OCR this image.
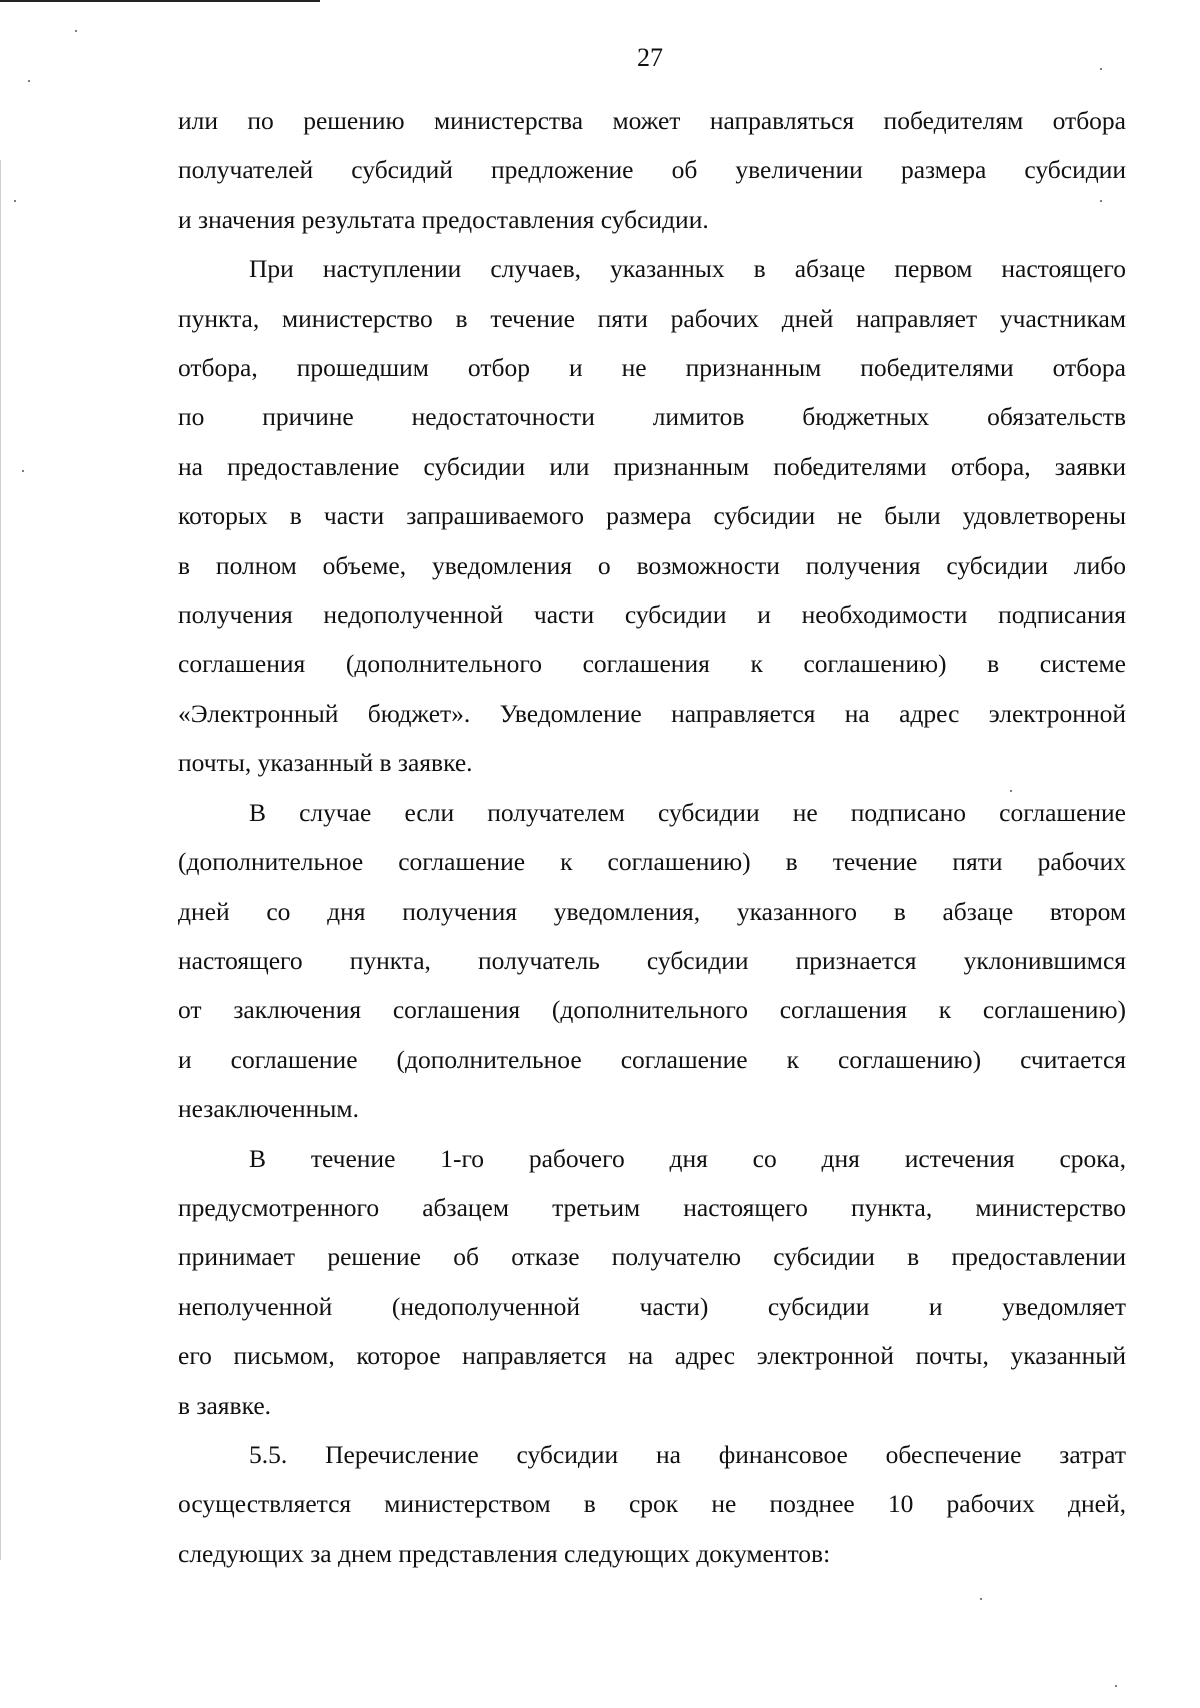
27
или по решению министерства может направляться победителям отбора
получателей субсидий предложение об увеличении размера субсидии
и значения результата предоставления субсидии.
При наступлении случаев, указанных в абзаце первом настоящего
пункта, министерство в течение пяти рабочих дней направляет участникам
отбора, прошедшим отбор и не признанным победителями отбора
по причине недостаточности лимитов бюджетных обязательств
на предоставление субсидии или признанным победителями отбора, заявки
которых в части запрашиваемого размера субсидии не были удовлетворены
в полном объеме, уведомления о возможности получения субсидии либо
получения недополученной части субсидии и необходимости подписания
соглашения (дополнительного соглашения к соглашению) в системе
«Электронный бюджет». Уведомление направляется на адрес электронной
почты, указанный в заявке.
В случае если получателем субсидии не подписано соглашение
(дополнительное соглашение к соглашению) в течение пяти рабочих
дней со дня получения уведомления, указанного в абзаце втором
настоящего пункта, получатель субсидии признается уклонившимся
от заключения соглашения (дополнительного соглашения к соглашению)
и соглашение (дополнительное соглашение к соглашению) считается
незаключенным.
В течение 1-го рабочего дня со дня истечения срока,
предусмотренного абзацем третьим настоящего пункта, министерство
принимает решение об отказе получателю субсидии в предоставлении
неполученной (недополученной части) субсидии и уведомляет
его письмом, которое направляется на адрес электронной почты, указанный
в заявке.
5.5. Перечисление субсидии на финансовое обеспечение затрат
осуществляется министерством в срок не позднее 10 рабочих дней,
следующих за днем представления следующих документов:
